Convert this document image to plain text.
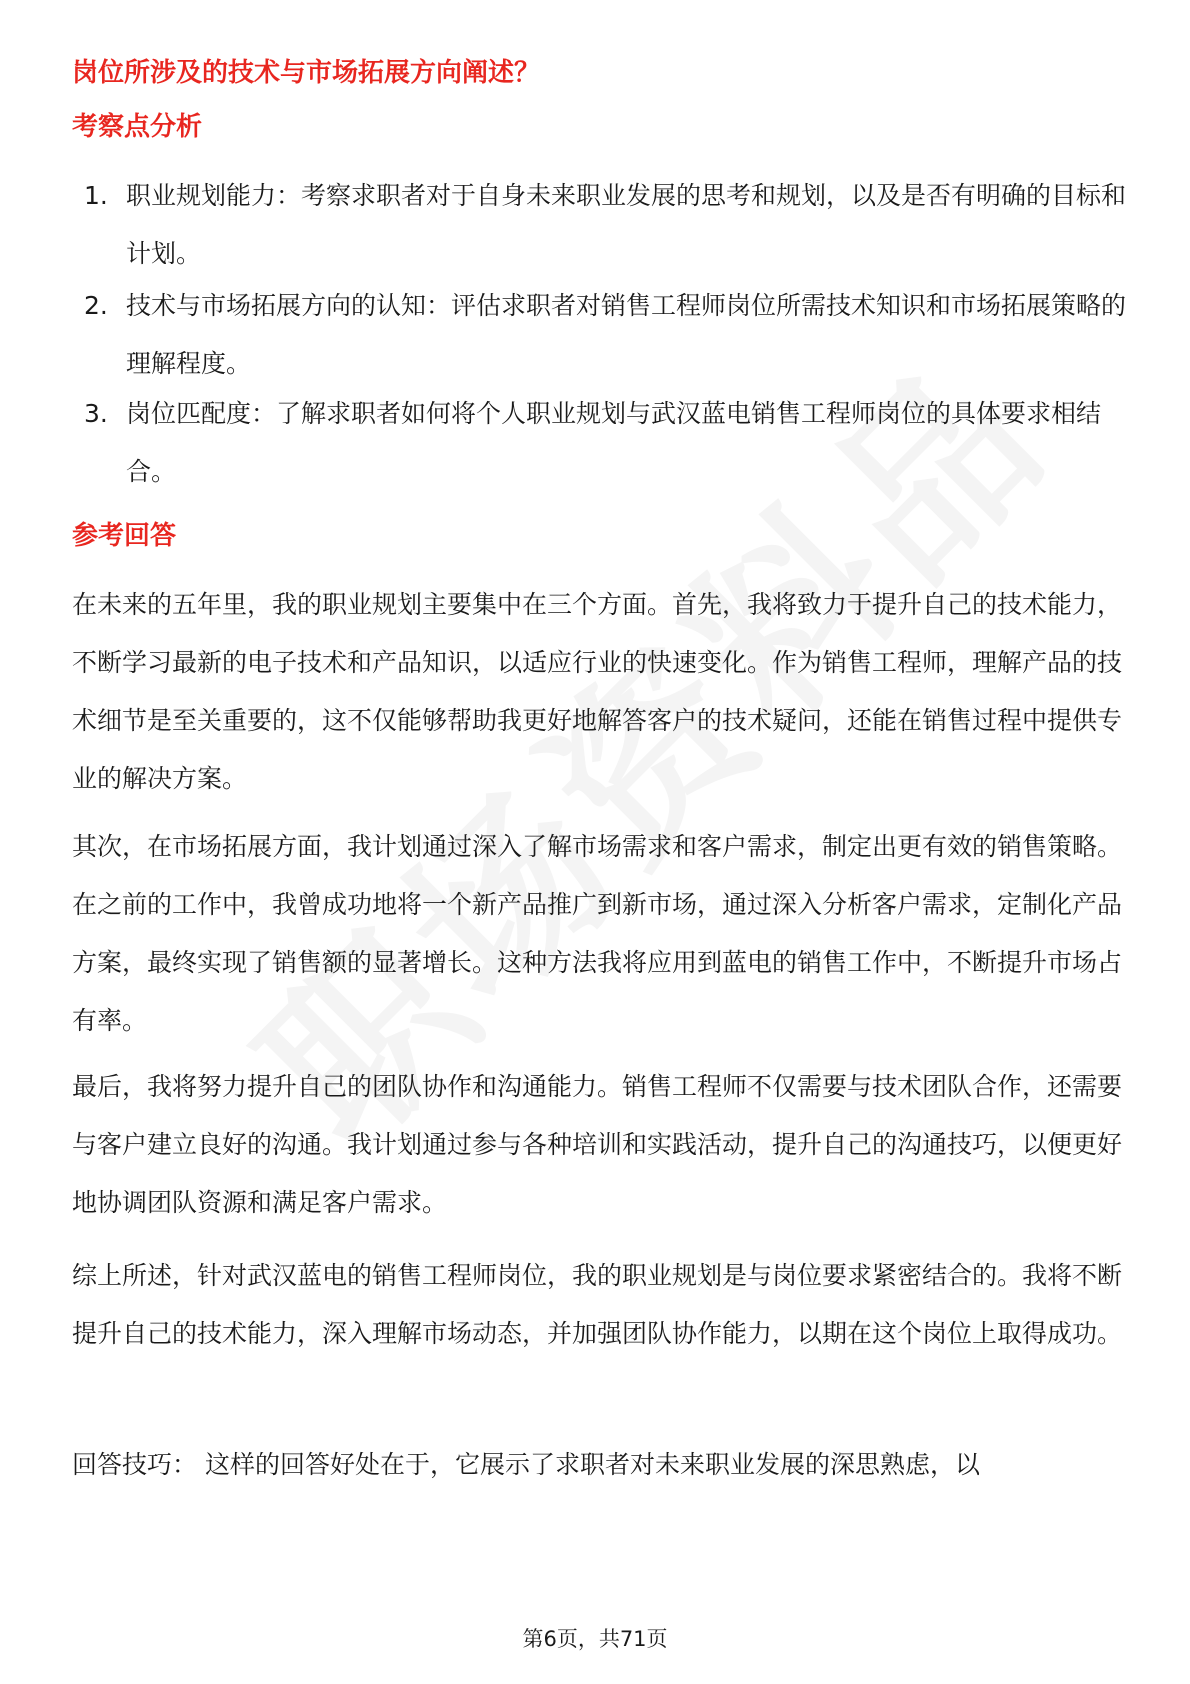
岗位所涉及的技术与市场拓展方向阐述？
考察点分析
1. 职业规划能力：考察求职者对于自身未来职业发展的思考和规划，以及是否有明确的目标和计划。
2. 技术与市场拓展方向的认知：评估求职者对销售工程师岗位所需技术知识和市场拓展策略的理解程度。
3. 岗位匹配度：了解求职者如何将个人职业规划与武汉蓝电销售工程师岗位的具体要求相结合。
参考回答

在未来的五年里，我的职业规划主要集中在三个方面。首先，我将致力于提升自己的技术能力，不断学习最新的电子技术和产品知识，以适应行业的快速变化。作为销售工程师，理解产品的技术细节是至关重要的，这不仅能够帮助我更好地解答客户的技术疑问，还能在销售过程中提供专业的解决方案。

其次，在市场拓展方面，我计划通过深入了解市场需求和客户需求，制定出更有效的销售策略。在之前的工作中，我曾成功地将一个新产品推广到新市场，通过深入分析客户需求，定制化产品方案，最终实现了销售额的显著增长。这种方法我将应用到蓝电的销售工作中，不断提升市场占有率。

最后，我将努力提升自己的团队协作和沟通能力。销售工程师不仅需要与技术团队合作，还需要与客户建立良好的沟通。我计划通过参与各种培训和实践活动，提升自己的沟通技巧，以便更好地协调团队资源和满足客户需求。

综上所述，针对武汉蓝电的销售工程师岗位，我的职业规划是与岗位要求紧密结合的。我将不断提升自己的技术能力，深入理解市场动态，并加强团队协作能力，以期在这个岗位上取得成功。

回答技巧： 这样的回答好处在于，它展示了求职者对未来职业发展的深思熟虑，以

第6页，共71页
